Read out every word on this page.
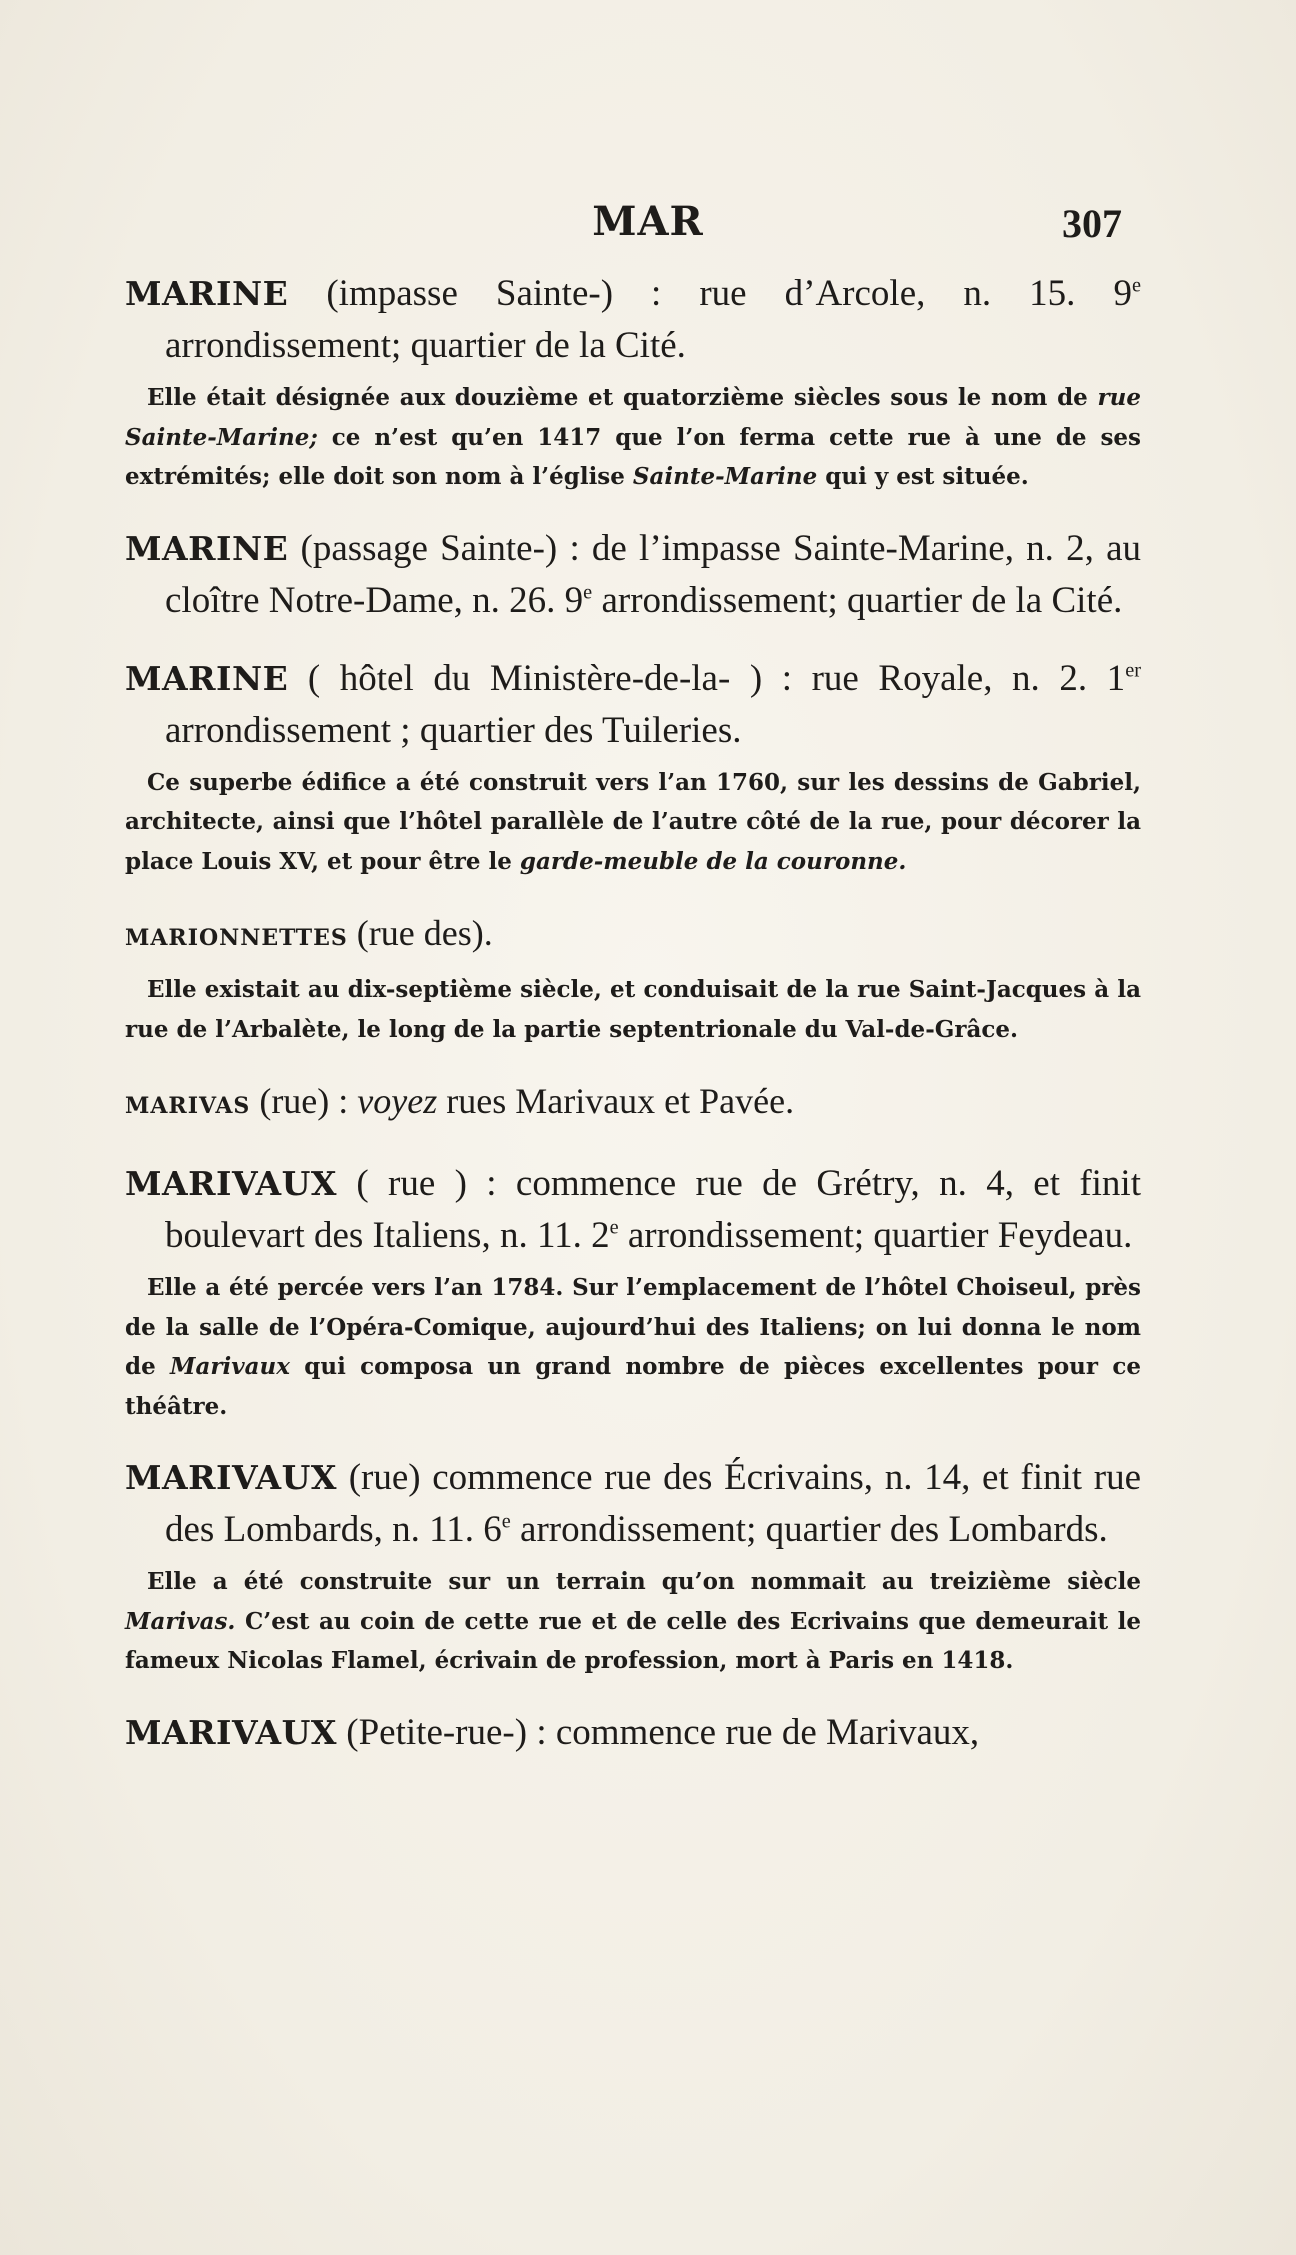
MAR	307
MARINE (impasse Sainte-) : rue d’Arcole, n. 15. 9e arrondissement; quartier de la Cité.
Elle était désignée aux douzième et quatorzième siècles sous le nom de rue Sainte-Marine; ce n’est qu’en 1417 que l’on ferma cette rue à une de ses extrémités; elle doit son nom à l’église Sainte-Marine qui y est située.
MARINE (passage Sainte-) : de l’impasse Sainte-Marine, n. 2, au cloître Notre-Dame, n. 26. 9e arrondissement; quartier de la Cité.
MARINE ( hôtel du Ministère-de-la- ) : rue Royale, n. 2. 1er arrondissement ; quartier des Tuileries.
Ce superbe édifice a été construit vers l’an 1760, sur les dessins de Gabriel, architecte, ainsi que l’hôtel parallèle de l’autre côté de la rue, pour décorer la place Louis XV, et pour être le garde-meuble de la couronne.
MARIONNETTES (rue des).
Elle existait au dix-septième siècle, et conduisait de la rue Saint-Jacques à la rue de l’Arbalète, le long de la partie septentrionale du Val-de-Grâce.
MARIVAS (rue) : voyez rues Marivaux et Pavée.
MARIVAUX ( rue ) : commence rue de Grétry, n. 4, et finit boulevart des Italiens, n. 11. 2e arrondissement; quartier Feydeau.
Elle a été percée vers l’an 1784. Sur l’emplacement de l’hôtel Choiseul, près de la salle de l’Opéra-Comique, aujourd’hui des Italiens; on lui donna le nom de Marivaux qui composa un grand nombre de pièces excellentes pour ce théâtre.
MARIVAUX (rue) commence rue des Écrivains, n. 14, et finit rue des Lombards, n. 11. 6e arrondissement; quartier des Lombards.
Elle a été construite sur un terrain qu’on nommait au treizième siècle Marivas. C’est au coin de cette rue et de celle des Ecrivains que demeurait le fameux Nicolas Flamel, écrivain de profession, mort à Paris en 1418.
MARIVAUX (Petite-rue-) : commence rue de Marivaux,
